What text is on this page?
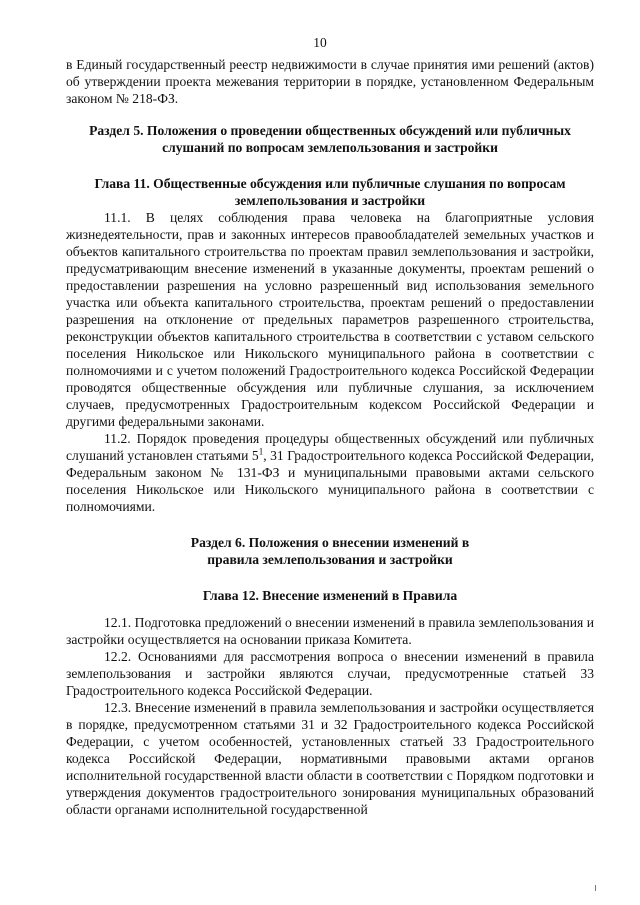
10

в Единый государственный реестр недвижимости в случае принятия ими решений (актов) об утверждении проекта межевания территории в порядке, установленном Федеральным законом № 218-ФЗ.

Раздел 5. Положения о проведении общественных обсуждений или публичных
слушаний по вопросам землепользования и застройки
Глава 11. Общественные обсуждения или публичные слушания по вопросам
землепользования и застройки

11.1. В целях соблюдения права человека на благоприятные условия жизнедеятельности, прав и законных интересов правообладателей земельных участков и объектов капитального строительства по проектам правил землепользования и застройки, предусматривающим внесение изменений в указанные документы, проектам решений о предоставлении разрешения на условно разрешенный вид использования земельного участка или объекта капитального строительства, проектам решений о предоставлении разрешения на отклонение от предельных параметров разрешенного строительства, реконструкции объектов капитального строительства в соответствии с уставом сельского поселения Никольское или Никольского муниципального района в соответствии с полномочиями и с учетом положений Градостроительного кодекса Российской Федерации проводятся общественные обсуждения или публичные слушания, за исключением случаев, предусмотренных Градостроительным кодексом Российской Федерации и другими федеральными законами.

11.2. Порядок проведения процедуры общественных обсуждений или публичных слушаний установлен статьями $5^1$, 31 Градостроительного кодекса Российской Федерации, Федеральным законом № 131-ФЗ и муниципальными правовыми актами сельского поселения Никольское или Никольского муниципального района в соответствии с полномочиями.

Раздел 6. Положения о внесении изменений в
правила землепользования и застройки
Глава 12. Внесение изменений в Правила

12.1. Подготовка предложений о внесении изменений в правила землепользования и застройки осуществляется на основании приказа Комитета.

12.2. Основаниями для рассмотрения вопроса о внесении изменений в правила землепользования и застройки являются случаи, предусмотренные статьей 33 Градостроительного кодекса Российской Федерации.

12.3. Внесение изменений в правила землепользования и застройки осуществляется в порядке, предусмотренном статьями 31 и 32 Градостроительного кодекса Российской Федерации, с учетом особенностей, установленных статьей 33 Градостроительного кодекса Российской Федерации, нормативными правовыми актами органов исполнительной государственной власти области в соответствии с Порядком подготовки и утверждения документов градостроительного зонирования муниципальных образований области органами исполнительной государственной
